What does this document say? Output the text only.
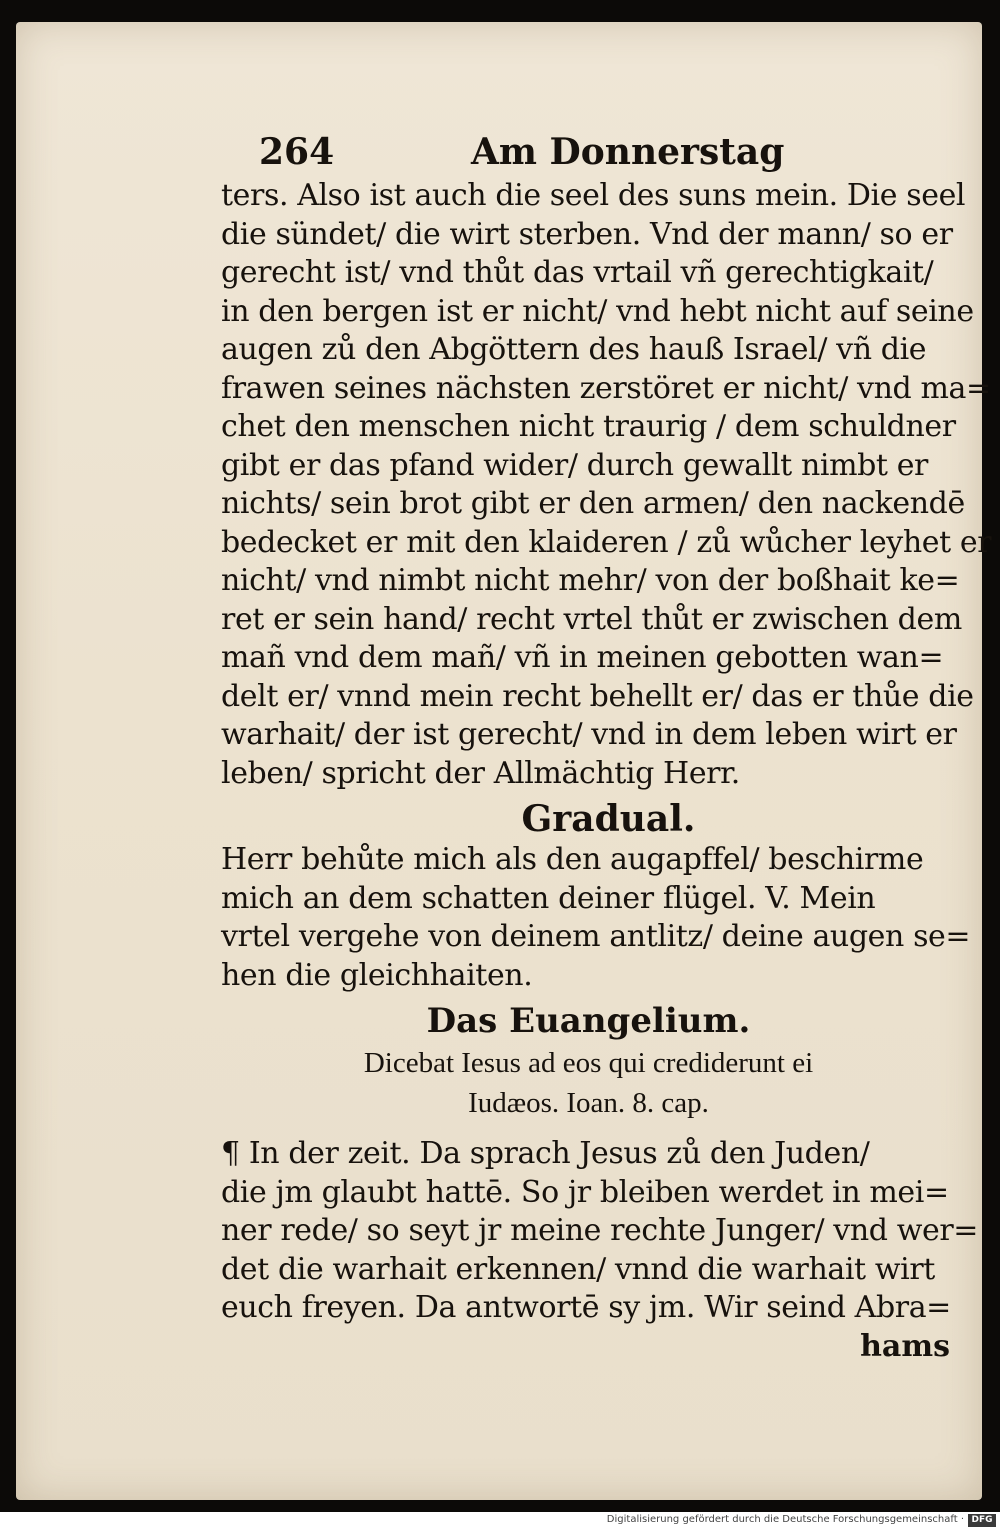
264	Am Donnerstag
ters. Also ist auch die seel des suns mein. Die seel
die sündet/ die wirt sterben. Vnd der mann/ so er
gerecht ist/ vnd thůt das vrtail vñ gerechtigkait/
in den bergen ist er nicht/ vnd hebt nicht auf seine
augen zů den Abgöttern des hauß Israel/ vñ die
frawen seines nächsten zerstöret er nicht/ vnd ma=
chet den menschen nicht traurig / dem schuldner
gibt er das pfand wider/ durch gewallt nimbt er
nichts/ sein brot gibt er den armen/ den nackendē
bedecket er mit den klaideren / zů wůcher leyhet er
nicht/ vnd nimbt nicht mehr/ von der boßhait ke=
ret er sein hand/ recht vrtel thůt er zwischen dem
mañ vnd dem mañ/ vñ in meinen gebotten wan=
delt er/ vnnd mein recht behellt er/ das er thůe die
warhait/ der ist gerecht/ vnd in dem leben wirt er
leben/ spricht der Allmächtig Herr.
Gradual.
Herr behůte mich als den augapffel/ beschirme
mich an dem schatten deiner flügel. V. Mein
vrtel vergehe von deinem antlitz/ deine augen se=
hen die gleichhaiten.
Das Euangelium.
Dicebat Iesus ad eos qui crediderunt ei
Iudæos. Ioan. 8. cap.
¶ In der zeit. Da sprach Jesus zů den Juden/
die jm glaubt hattē. So jr bleiben werdet in mei=
ner rede/ so seyt jr meine rechte Junger/ vnd wer=
det die warhait erkennen/ vnnd die warhait wirt
euch freyen. Da antwortē sy jm. Wir seind Abra=
hams
Digitalisierung gefördert durch die Deutsche Forschungsgemeinschaft · DFG
